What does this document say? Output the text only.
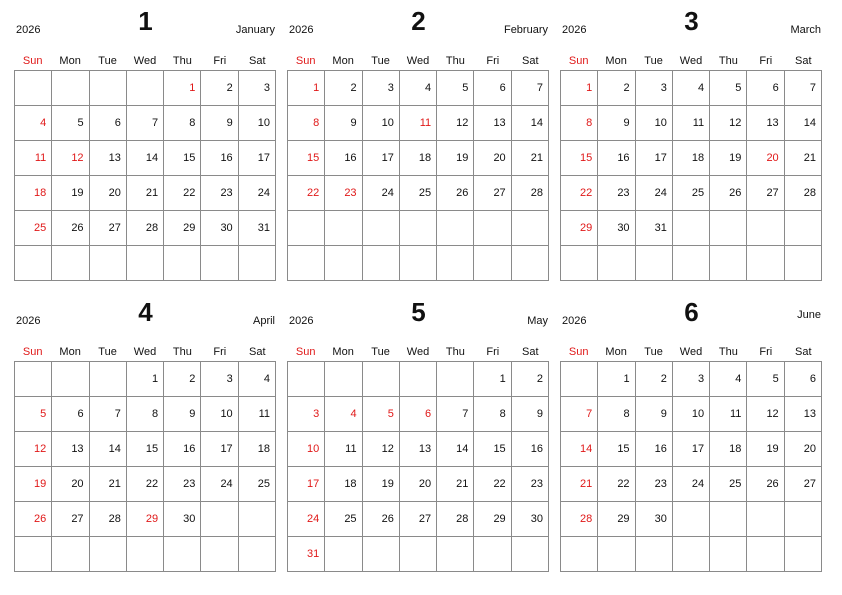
2026	1	January
Sun	Mon	Tue	Wed	Thu	Fri	Sat
				1	2	3
4	5	6	7	8	9	10
11	12	13	14	15	16	17
18	19	20	21	22	23	24
25	26	27	28	29	30	31

2026	2	February
Sun	Mon	Tue	Wed	Thu	Fri	Sat
1	2	3	4	5	6	7
8	9	10	11	12	13	14
15	16	17	18	19	20	21
22	23	24	25	26	27	28

2026	3	March
Sun	Mon	Tue	Wed	Thu	Fri	Sat
1	2	3	4	5	6	7
8	9	10	11	12	13	14
15	16	17	18	19	20	21
22	23	24	25	26	27	28
29	30	31				

2026	4	April
Sun	Mon	Tue	Wed	Thu	Fri	Sat
			1	2	3	4
5	6	7	8	9	10	11
12	13	14	15	16	17	18
19	20	21	22	23	24	25
26	27	28	29	30		

2026	5	May
Sun	Mon	Tue	Wed	Thu	Fri	Sat
					1	2
3	4	5	6	7	8	9
10	11	12	13	14	15	16
17	18	19	20	21	22	23
24	25	26	27	28	29	30
31						
2026	6	June
Sun	Mon	Tue	Wed	Thu	Fri	Sat
	1	2	3	4	5	6
7	8	9	10	11	12	13
14	15	16	17	18	19	20
21	22	23	24	25	26	27
28	29	30				
